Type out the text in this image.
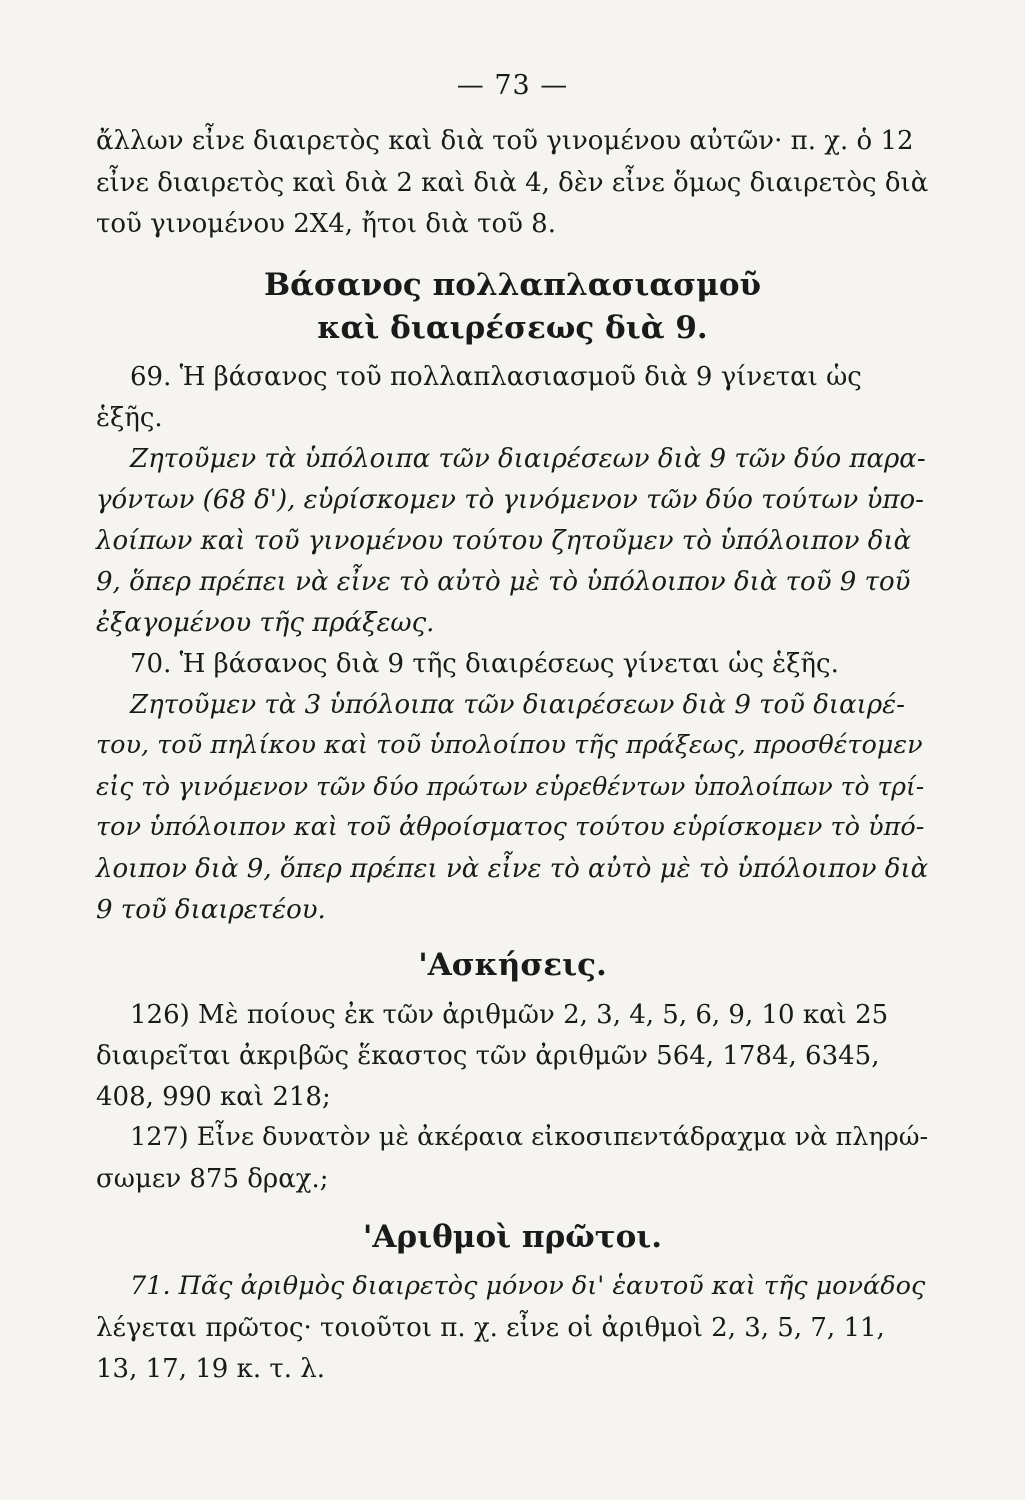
— 73 —
ἄλλων εἶνε διαιρετὸς καὶ διὰ τοῦ γινομένου αὐτῶν· π. χ. ὁ 12
εἶνε διαιρετὸς καὶ διὰ 2 καὶ διὰ 4, δὲν εἶνε ὅμως διαιρετὸς διὰ
τοῦ γινομένου 2X4, ἤτοι διὰ τοῦ 8.
Βάσανος πολλαπλασιασμοῦ
καὶ διαιρέσεως διὰ 9.
69. Ἡ βάσανος τοῦ πολλαπλασιασμοῦ διὰ 9 γίνεται ὡς
ἑξῆς.
Ζητοῦμεν τὰ ὑπόλοιπα τῶν διαιρέσεων διὰ 9 τῶν δύο παρα-
γόντων (68 δ'), εὑρίσκομεν τὸ γινόμενον τῶν δύο τούτων ὑπο-
λοίπων καὶ τοῦ γινομένου τούτου ζητοῦμεν τὸ ὑπόλοιπον διὰ
9, ὅπερ πρέπει νὰ εἶνε τὸ αὐτὸ μὲ τὸ ὑπόλοιπον διὰ τοῦ 9 τοῦ
ἐξαγομένου τῆς πράξεως.
70. Ἡ βάσανος διὰ 9 τῆς διαιρέσεως γίνεται ὡς ἑξῆς.
Ζητοῦμεν τὰ 3 ὑπόλοιπα τῶν διαιρέσεων διὰ 9 τοῦ διαιρέ-
του, τοῦ πηλίκου καὶ τοῦ ὑπολοίπου τῆς πράξεως, προσθέτομεν
εἰς τὸ γινόμενον τῶν δύο πρώτων εὑρεθέντων ὑπολοίπων τὸ τρί-
τον ὑπόλοιπον καὶ τοῦ ἀθροίσματος τούτου εὑρίσκομεν τὸ ὑπό-
λοιπον διὰ 9, ὅπερ πρέπει νὰ εἶνε τὸ αὐτὸ μὲ τὸ ὑπόλοιπον διὰ
9 τοῦ διαιρετέου.
'Ασκήσεις.
126) Μὲ ποίους ἐκ τῶν ἀριθμῶν 2, 3, 4, 5, 6, 9, 10 καὶ 25
διαιρεῖται ἀκριβῶς ἕκαστος τῶν ἀριθμῶν 564, 1784, 6345,
408, 990 καὶ 218;
127) Εἶνε δυνατὸν μὲ ἀκέραια εἰκοσιπεντάδραχμα νὰ πληρώ-
σωμεν 875 δραχ.;
'Αριθμοὶ πρῶτοι.
71. Πᾶς ἀριθμὸς διαιρετὸς μόνον δι' ἑαυτοῦ καὶ τῆς μονάδος
λέγεται πρῶτος· τοιοῦτοι π. χ. εἶνε οἱ ἀριθμοὶ 2, 3, 5, 7, 11,
13, 17, 19 κ. τ. λ.
